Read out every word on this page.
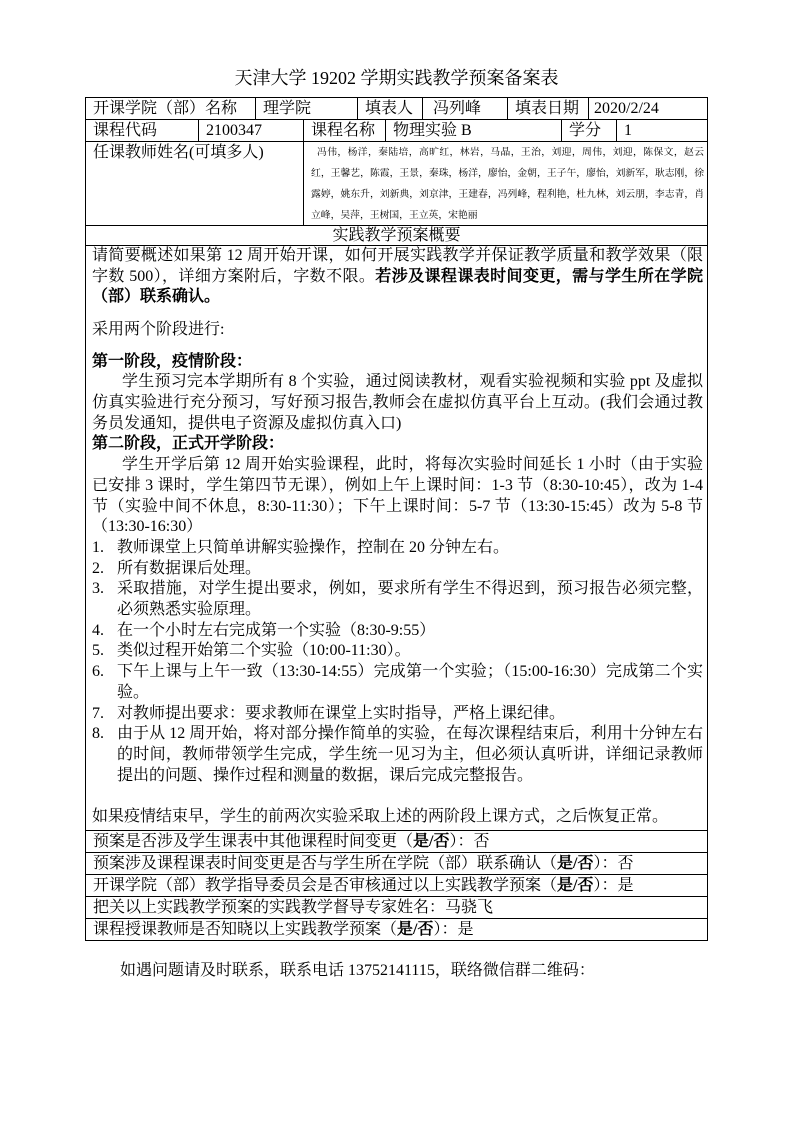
天津大学 19202 学期实践教学预案备案表
开课学院（部）名称	理学院	填表人	冯列峰	填表日期 2020/2/24
课程代码	2100347	课程名称	物理实验 B	学分	1
任课教师姓名(可填多人)	冯伟，杨洋，秦陆培，高旷红，林岩，马晶，王治，刘迎，周伟，刘迎，陈保文，赵云红，王馨艺，陈霞，王景，秦珠，杨洋，廖怡，金朝，王子午，廖怡，刘新军，耿志刚，徐露婷，姚东升，刘新典，刘京津，王建春，冯列峰，程利艳，杜九林，刘云朋，李志青，肖立峰，吴萍，王树国，王立英，宋艳丽
实践教学预案概要

请简要概述如果第 12 周开始开课，如何开展实践教学并保证教学质量和教学效果（限字数 500），详细方案附后，字数不限。若涉及课程课表时间变更，需与学生所在学院（部）联系确认。

采用两个阶段进行:

第一阶段，疫情阶段：

学生预习完本学期所有 8 个实验，通过阅读教材，观看实验视频和实验 ppt 及虚拟仿真实验进行充分预习，写好预习报告,教师会在虚拟仿真平台上互动。(我们会通过教务员发通知，提供电子资源及虚拟仿真入口)

第二阶段，正式开学阶段：

学生开学后第 12 周开始实验课程，此时，将每次实验时间延长 1 小时（由于实验已安排 3 课时，学生第四节无课），例如上午上课时间：1-3 节（8:30-10:45），改为 1-4 节（实验中间不休息，8:30-11:30）；下午上课时间：5-7 节（13:30-15:45）改为 5-8 节（13:30-16:30）

1. 教师课堂上只简单讲解实验操作，控制在 20 分钟左右。
2. 所有数据课后处理。
3. 采取措施，对学生提出要求，例如，要求所有学生不得迟到，预习报告必须完整，必须熟悉实验原理。
4. 在一个小时左右完成第一个实验（8:30-9:55）
5. 类似过程开始第二个实验（10:00-11:30）。
6. 下午上课与上午一致（13:30-14:55）完成第一个实验；（15:00-16:30）完成第二个实验。
7. 对教师提出要求：要求教师在课堂上实时指导，严格上课纪律。
8. 由于从 12 周开始，将对部分操作简单的实验，在每次课程结束后，利用十分钟左右的时间，教师带领学生完成，学生统一见习为主，但必须认真听讲，详细记录教师提出的问题、操作过程和测量的数据，课后完成完整报告。

如果疫情结束早，学生的前两次实验采取上述的两阶段上课方式，之后恢复正常。

预案是否涉及学生课表中其他课程时间变更（是/否）：否
预案涉及课程课表时间变更是否与学生所在学院（部）联系确认（是/否）：否
开课学院（部）教学指导委员会是否审核通过以上实践教学预案（是/否）：是
把关以上实践教学预案的实践教学督导专家姓名：马骁飞
课程授课教师是否知晓以上实践教学预案（是/否）：是
如遇问题请及时联系，联系电话 13752141115，联络微信群二维码：
